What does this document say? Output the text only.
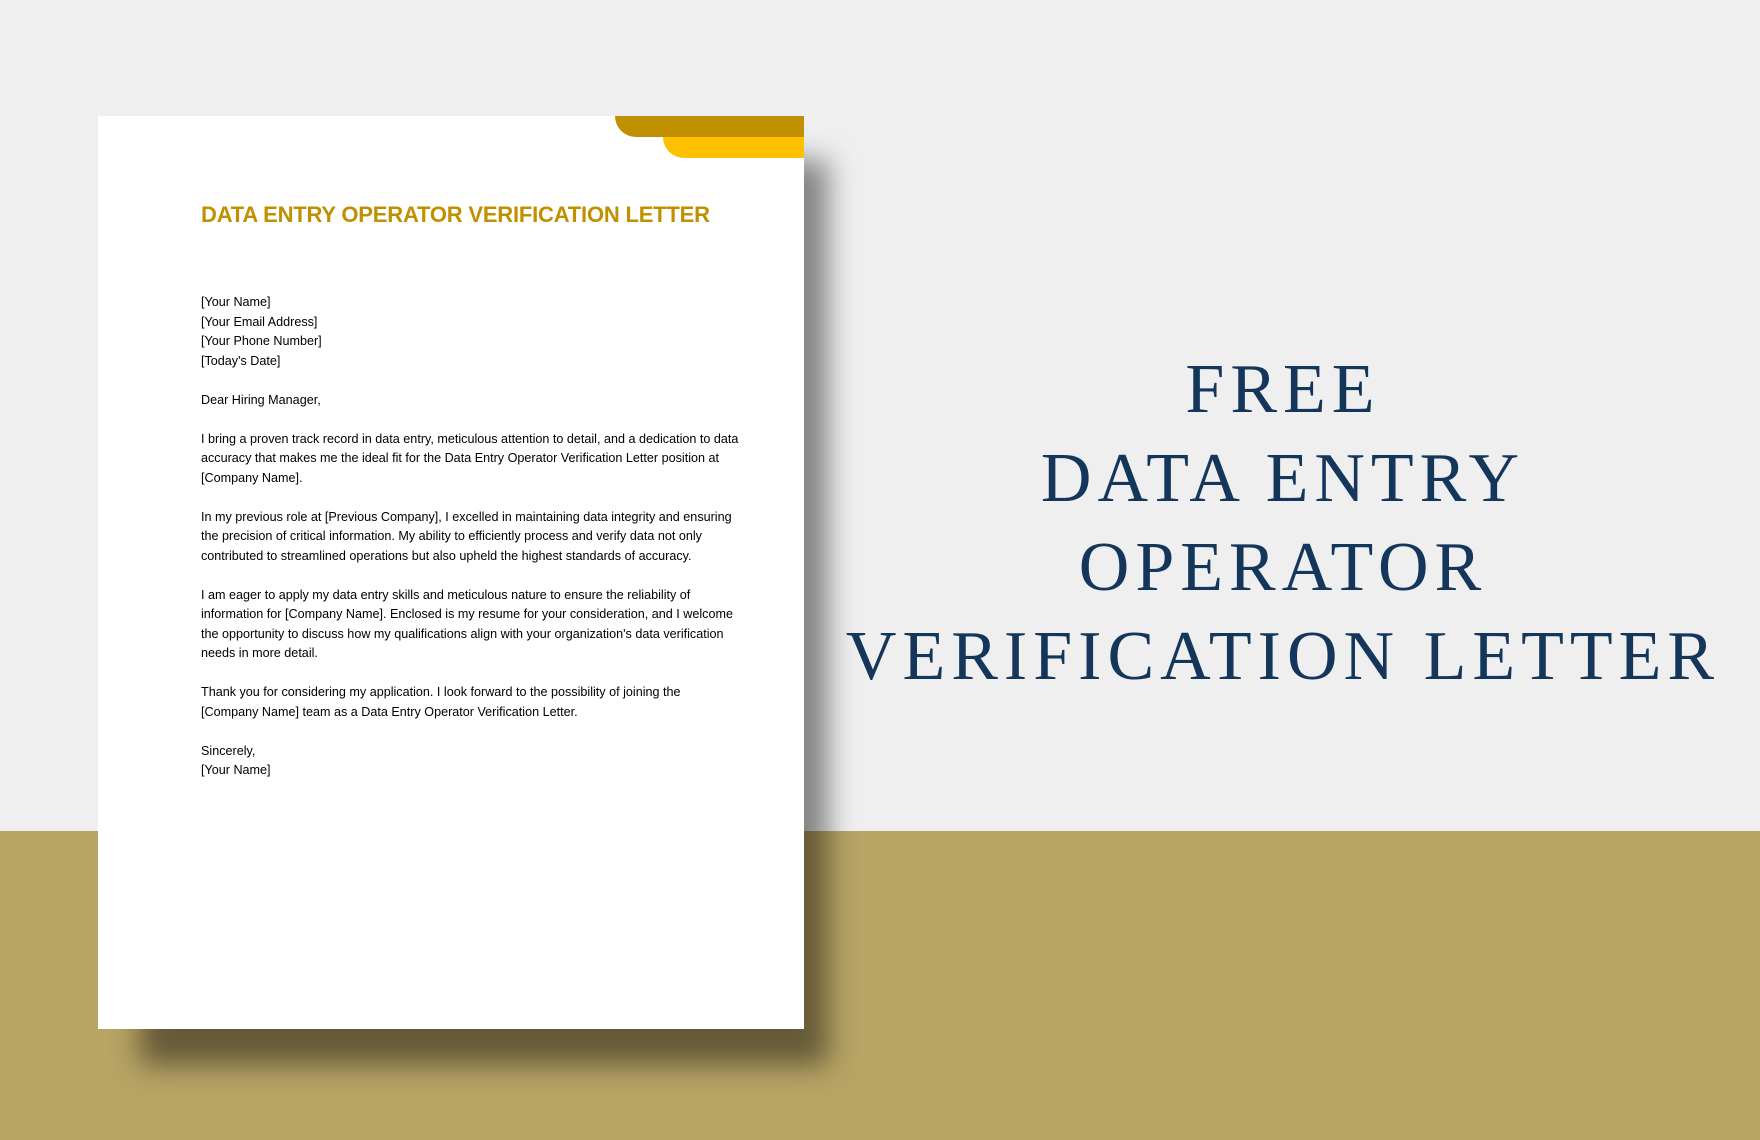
DATA ENTRY OPERATOR VERIFICATION LETTER

[Your Name]
[Your Email Address]
[Your Phone Number]
[Today's Date]

Dear Hiring Manager,

I bring a proven track record in data entry, meticulous attention to detail, and a dedication to data accuracy that makes me the ideal fit for the Data Entry Operator Verification Letter position at [Company Name].

In my previous role at [Previous Company], I excelled in maintaining data integrity and ensuring the precision of critical information. My ability to efficiently process and verify data not only contributed to streamlined operations but also upheld the highest standards of accuracy.

I am eager to apply my data entry skills and meticulous nature to ensure the reliability of information for [Company Name]. Enclosed is my resume for your consideration, and I welcome the opportunity to discuss how my qualifications align with your organization's data verification needs in more detail.

Thank you for considering my application. I look forward to the possibility of joining the [Company Name] team as a Data Entry Operator Verification Letter.

Sincerely,
[Your Name]

FREE
DATA ENTRY
OPERATOR
VERIFICATION LETTER
